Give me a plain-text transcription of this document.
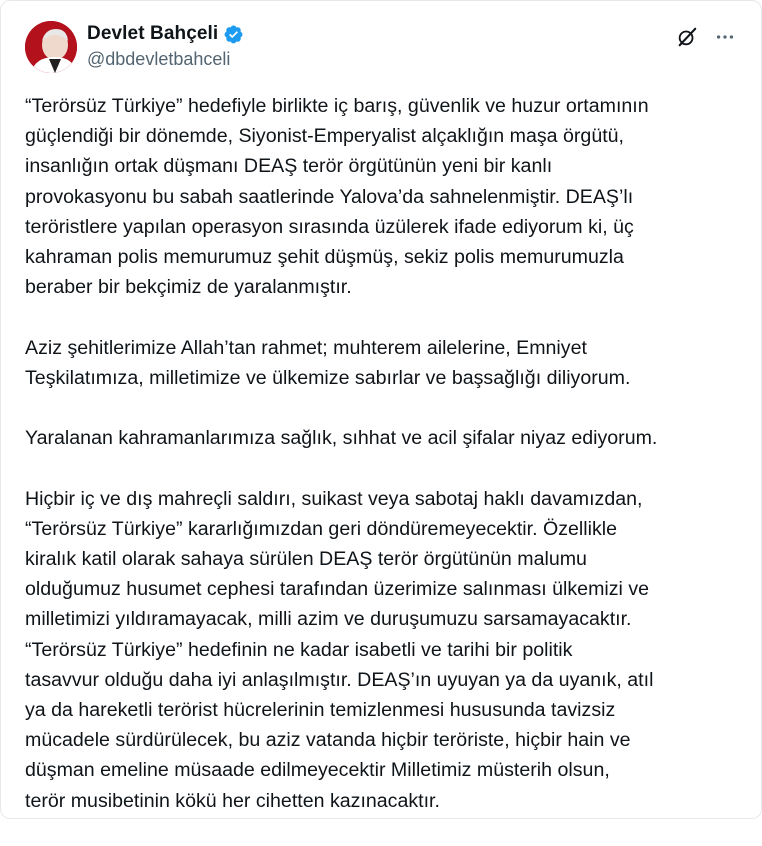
Devlet Bahçeli
@dbdevletbahceli

“Terörsüz Türkiye” hedefiyle birlikte iç barış, güvenlik ve huzur ortamının
güçlendiği bir dönemde, Siyonist-Emperyalist alçaklığın maşa örgütü,
insanlığın ortak düşmanı DEAŞ terör örgütünün yeni bir kanlı
provokasyonu bu sabah saatlerinde Yalova’da sahnelenmiştir. DEAŞ’lı
teröristlere yapılan operasyon sırasında üzülerek ifade ediyorum ki, üç
kahraman polis memurumuz şehit düşmüş, sekiz polis memurumuzla
beraber bir bekçimiz de yaralanmıştır.

Aziz şehitlerimize Allah’tan rahmet; muhterem ailelerine, Emniyet
Teşkilatımıza, milletimize ve ülkemize sabırlar ve başsağlığı diliyorum.

Yaralanan kahramanlarımıza sağlık, sıhhat ve acil şifalar niyaz ediyorum.

Hiçbir iç ve dış mahreçli saldırı, suikast veya sabotaj haklı davamızdan,
“Terörsüz Türkiye” kararlığımızdan geri döndüremeyecektir. Özellikle
kiralık katil olarak sahaya sürülen DEAŞ terör örgütünün malumu
olduğumuz husumet cephesi tarafından üzerimize salınması ülkemizi ve
milletimizi yıldıramayacak, milli azim ve duruşumuzu sarsamayacaktır.
“Terörsüz Türkiye” hedefinin ne kadar isabetli ve tarihi bir politik
tasavvur olduğu daha iyi anlaşılmıştır. DEAŞ’ın uyuyan ya da uyanık, atıl
ya da hareketli terörist hücrelerinin temizlenmesi hususunda tavizsiz
mücadele sürdürülecek, bu aziz vatanda hiçbir teröriste, hiçbir hain ve
düşman emeline müsaade edilmeyecektir Milletimiz müsterih olsun,
terör musibetinin kökü her cihetten kazınacaktır.
